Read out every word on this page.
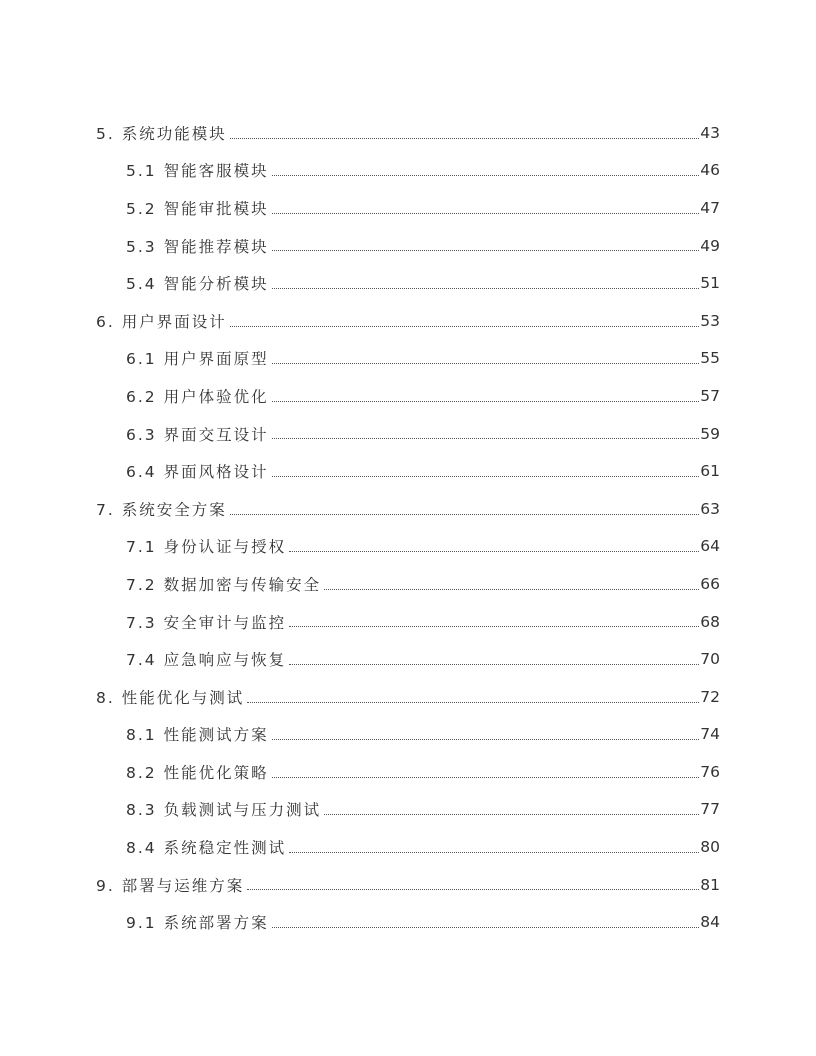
5. 系统功能模块	43
5.1 智能客服模块	46
5.2 智能审批模块	47
5.3 智能推荐模块	49
5.4 智能分析模块	51
6. 用户界面设计	53
6.1 用户界面原型	55
6.2 用户体验优化	57
6.3 界面交互设计	59
6.4 界面风格设计	61
7. 系统安全方案	63
7.1 身份认证与授权	64
7.2 数据加密与传输安全	66
7.3 安全审计与监控	68
7.4 应急响应与恢复	70
8. 性能优化与测试	72
8.1 性能测试方案	74
8.2 性能优化策略	76
8.3 负载测试与压力测试	77
8.4 系统稳定性测试	80
9. 部署与运维方案	81
9.1 系统部署方案	84
